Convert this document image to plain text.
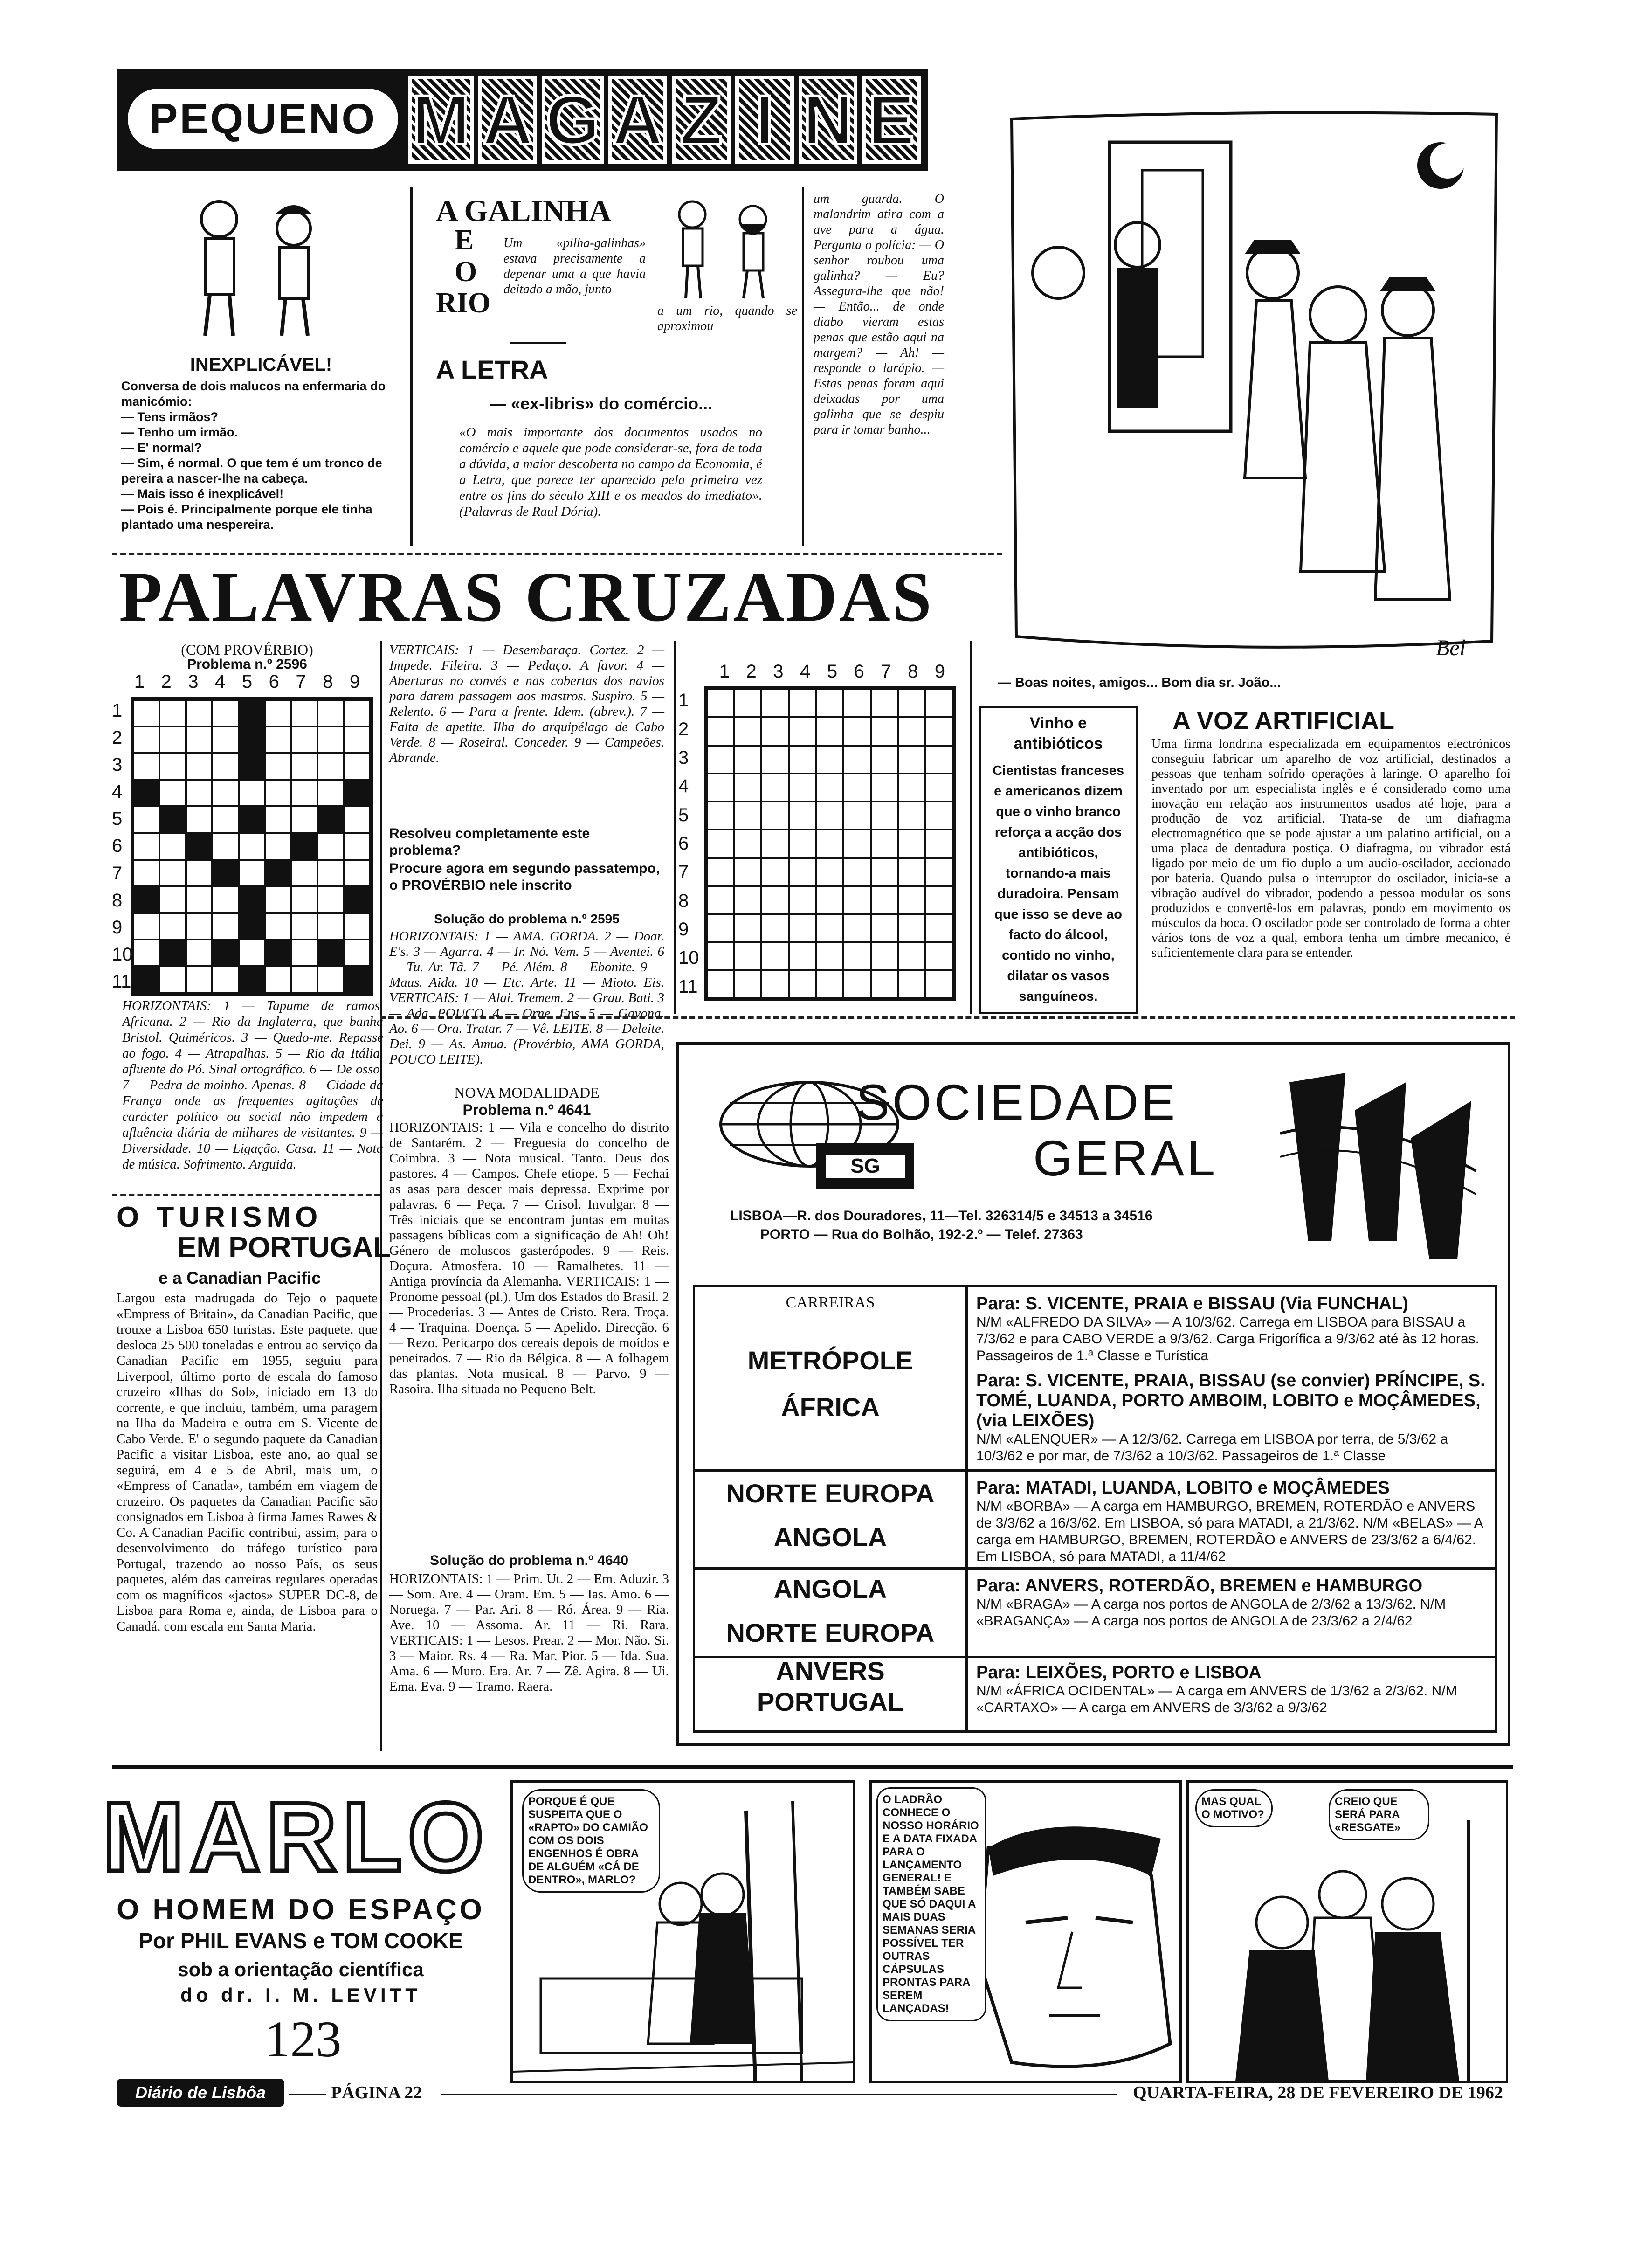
PEQUENO M A G A Z I N E
INEXPLICÁVEL!
Conversa de dois malucos na enfermaria do manicómio:
— Tens irmãos?
— Tenho um irmão.
— E' normal?
— Sim, é normal. O que tem é um tronco de pereira a nascer-lhe na cabeça.
— Mais isso é inexplicável!
— Pois é. Principalmente porque ele tinha plantado uma nespereira.
A GALINHA
E
O
RIO
Um «pilha-galinhas» estava precisamente a depenar uma a que havia deitado a mão, junto
a um rio, quando se aproximou
A LETRA
— «ex-libris» do comércio...
«O mais importante dos documentos usados no comércio e aquele que pode considerar-se, fora de toda a dúvida, a maior descoberta no campo da Economia, é a Letra, que parece ter aparecido pela primeira vez entre os fins do século XIII e os meados do imediato». (Palavras de Raul Dória).
um guarda. O malandrim atira com a ave para a água. Pergunta o polícia: — O senhor roubou uma galinha? — Eu? Assegura-lhe que não! — Então... de onde diabo vieram estas penas que estão aqui na margem? — Ah! — responde o larápio. — Estas penas foram aqui deixadas por uma galinha que se despiu para ir tomar banho...
Bel
— Boas noites, amigos... Bom dia sr. João...
PALAVRAS CRUZADAS
(COM PROVÉRBIO)
Problema n.º 2596
1 2 3 4 5 6 7 8 9
1
2
3
4
5
6
7
8
9
10
11
HORIZONTAIS: 1 — Tapume de ramos. Africana. 2 — Rio da Inglaterra, que banha Bristol. Quiméricos. 3 — Quedo-me. Repasse ao fogo. 4 — Atrapalhas. 5 — Rio da Itália, afluente do Pó. Sinal ortográfico. 6 — De osso. 7 — Pedra de moinho. Apenas. 8 — Cidade da França onde as frequentes agitações de carácter político ou social não impedem a afluência diária de milhares de visitantes. 9 — Diversidade. 10 — Ligação. Casa. 11 — Nota de música. Sofrimento. Arguida.
VERTICAIS: 1 — Desembaraça. Cortez. 2 — Impede. Fileira. 3 — Pedaço. A favor. 4 — Aberturas no convés e nas cobertas dos navios para darem passagem aos mastros. Suspiro. 5 — Relento. 6 — Para a frente. Idem. (abrev.). 7 — Falta de apetite. Ilha do arquipélago de Cabo Verde. 8 — Roseiral. Conceder. 9 — Campeões. Abrande.
Resolveu completamente este problema?
Procure agora em segundo passatempo, o PROVÉRBIO nele inscrito
Solução do problema n.º 2595
HORIZONTAIS: 1 — AMA. GORDA. 2 — Doar. E's. 3 — Agarra. 4 — Ir. Nó. Vem. 5 — Aventei. 6 — Tu. Ar. Tã. 7 — Pé. Além. 8 — Ebonite. 9 — Maus. Aida. 10 — Etc. Arte. 11 — Mioto. Eis. VERTICAIS: 1 — Alai. Tremem. 2 — Grau. Bati. 3 — Ada. POUCO. 4 — Orne. Ens. 5 — Gavona. Ao. 6 — Ora. Tratar. 7 — Vê. LEITE. 8 — Deleite. Dei. 9 — As. Amua. (Provérbio, AMA GORDA, POUCO LEITE).
NOVA MODALIDADE
Problema n.º 4641
HORIZONTAIS: 1 — Vila e concelho do distrito de Santarém. 2 — Freguesia do concelho de Coimbra. 3 — Nota musical. Tanto. Deus dos pastores. 4 — Campos. Chefe etíope. 5 — Fechai as asas para descer mais depressa. Exprime por palavras. 6 — Peça. 7 — Crisol. Invulgar. 8 — Três iniciais que se encontram juntas em muitas passagens bíblicas com a significação de Ah! Oh! Género de moluscos gasterópodes. 9 — Reis. Doçura. Atmosfera. 10 — Ramalhetes. 11 — Antiga província da Alemanha. VERTICAIS: 1 — Pronome pessoal (pl.). Um dos Estados do Brasil. 2 — Procederias. 3 — Antes de Cristo. Rera. Troça. 4 — Traquina. Doença. 5 — Apelido. Direcção. 6 — Rezo. Pericarpo dos cereais depois de moídos e peneirados. 7 — Rio da Bélgica. 8 — A folhagem das plantas. Nota musical. 8 — Parvo. 9 — Rasoira. Ilha situada no Pequeno Belt.
Solução do problema n.º 4640
HORIZONTAIS: 1 — Prim. Ut. 2 — Em. Aduzir. 3 — Som. Are. 4 — Oram. Em. 5 — Ias. Amo. 6 — Noruega. 7 — Par. Ari. 8 — Ró. Área. 9 — Ria. Ave. 10 — Assoma. Ar. 11 — Ri. Rara. VERTICAIS: 1 — Lesos. Prear. 2 — Mor. Não. Si. 3 — Maior. Rs. 4 — Ra. Mar. Pior. 5 — Ida. Sua. Ama. 6 — Muro. Era. Ar. 7 — Zê. Agira. 8 — Ui. Ema. Eva. 9 — Tramo. Raera.
1 2 3 4 5 6 7 8 9
1
2
3
4
5
6
7
8
9
10
11
Vinho e antibióticos
Cientistas franceses e americanos dizem que o vinho branco reforça a acção dos antibióticos, tornando-a mais duradoira. Pensam que isso se deve ao facto do álcool, contido no vinho, dilatar os vasos sanguíneos.
A VOZ ARTIFICIAL
Uma firma londrina especializada em equipamentos electrónicos conseguiu fabricar um aparelho de voz artificial, destinados a pessoas que tenham sofrido operações à laringe. O aparelho foi inventado por um especialista inglês e é considerado como uma inovação em relação aos instrumentos usados até hoje, para a produção de voz artificial. Trata-se de um diafragma electromagnético que se pode ajustar a um palatino artificial, ou a uma placa de dentadura postiça. O diafragma, ou vibrador está ligado por meio de um fio duplo a um audio-oscilador, accionado por bateria. Quando pulsa o interruptor do oscilador, inicia-se a vibração audível do vibrador, podendo a pessoa modular os sons produzidos e convertê-los em palavras, pondo em movimento os músculos da boca. O oscilador pode ser controlado de forma a obter vários tons de voz a qual, embora tenha um timbre mecanico, é suficientemente clara para se entender.
O TURISMO
EM PORTUGAL
e a Canadian Pacific
Largou esta madrugada do Tejo o paquete «Empress of Britain», da Canadian Pacific, que trouxe a Lisboa 650 turistas. Este paquete, que desloca 25 500 toneladas e entrou ao serviço da Canadian Pacific em 1955, seguiu para Liverpool, último porto de escala do famoso cruzeiro «Ilhas do Sol», iniciado em 13 do corrente, e que incluiu, também, uma paragem na Ilha da Madeira e outra em S. Vicente de Cabo Verde. E' o segundo paquete da Canadian Pacific a visitar Lisboa, este ano, ao qual se seguirá, em 4 e 5 de Abril, mais um, o «Empress of Canada», também em viagem de cruzeiro. Os paquetes da Canadian Pacific são consignados em Lisboa à firma James Rawes & Co. A Canadian Pacific contribui, assim, para o desenvolvimento do tráfego turístico para Portugal, trazendo ao nosso País, os seus paquetes, além das carreiras regulares operadas com os magníficos «jactos» SUPER DC-8, de Lisboa para Roma e, ainda, de Lisboa para o Canadá, com escala em Santa Maria.
SG
SOCIEDADE
GERAL
LISBOA—R. dos Douradores, 11—Tel. 326314/5 e 34513 a 34516
PORTO — Rua do Bolhão, 192-2.º — Telef. 27363
CARREIRAS
METRÓPOLE
ÁFRICA
Para: S. VICENTE, PRAIA e BISSAU (Via FUNCHAL)
N/M «ALFREDO DA SILVA» — A 10/3/62. Carrega em LISBOA para BISSAU a 7/3/62 e para CABO VERDE a 9/3/62. Carga Frigorífica a 9/3/62 até às 12 horas. Passageiros de 1.ª Classe e Turística
Para: S. VICENTE, PRAIA, BISSAU (se convier) PRÍNCIPE, S. TOMÉ, LUANDA, PORTO AMBOIM, LOBITO e MOÇÂMEDES, (via LEIXÕES)
N/M «ALENQUER» — A 12/3/62. Carrega em LISBOA por terra, de 5/3/62 a 10/3/62 e por mar, de 7/3/62 a 10/3/62. Passageiros de 1.ª Classe
NORTE EUROPA
ANGOLA
Para: MATADI, LUANDA, LOBITO e MOÇÂMEDES
N/M «BORBA» — A carga em HAMBURGO, BREMEN, ROTERDÃO e ANVERS de 3/3/62 a 16/3/62. Em LISBOA, só para MATADI, a 21/3/62. N/M «BELAS» — A carga em HAMBURGO, BREMEN, ROTERDÃO e ANVERS de 23/3/62 a 6/4/62. Em LISBOA, só para MATADI, a 11/4/62
ANGOLA
NORTE EUROPA
Para: ANVERS, ROTERDÃO, BREMEN e HAMBURGO
N/M «BRAGA» — A carga nos portos de ANGOLA de 2/3/62 a 13/3/62. N/M «BRAGANÇA» — A carga nos portos de ANGOLA de 23/3/62 a 2/4/62
ANVERS
PORTUGAL
Para: LEIXÕES, PORTO e LISBOA
N/M «ÁFRICA OCIDENTAL» — A carga em ANVERS de 1/3/62 a 2/3/62. N/M «CARTAXO» — A carga em ANVERS de 3/3/62 a 9/3/62
MARLO
O HOMEM DO ESPAÇO
Por PHIL EVANS e TOM COOKE
sob a orientação científica
do dr. I. M. LEVITT
123
PORQUE É QUE SUSPEITA QUE O «RAPTO» DO CAMIÃO COM OS DOIS ENGENHOS É OBRA DE ALGUÉM «CÁ DE DENTRO», MARLO?
O LADRÃO CONHECE O NOSSO HORÁRIO E A DATA FIXADA PARA O LANÇAMENTO GENERAL! E TAMBÉM SABE QUE SÓ DAQUI A MAIS DUAS SEMANAS SERIA POSSÍVEL TER OUTRAS CÁPSULAS PRONTAS PARA SEREM LANÇADAS!
MAS QUAL O MOTIVO?
CREIO QUE SERÁ PARA «RESGATE»
Diário de Lisbôa	PÁGINA 22	QUARTA-FEIRA, 28 DE FEVEREIRO DE 1962
